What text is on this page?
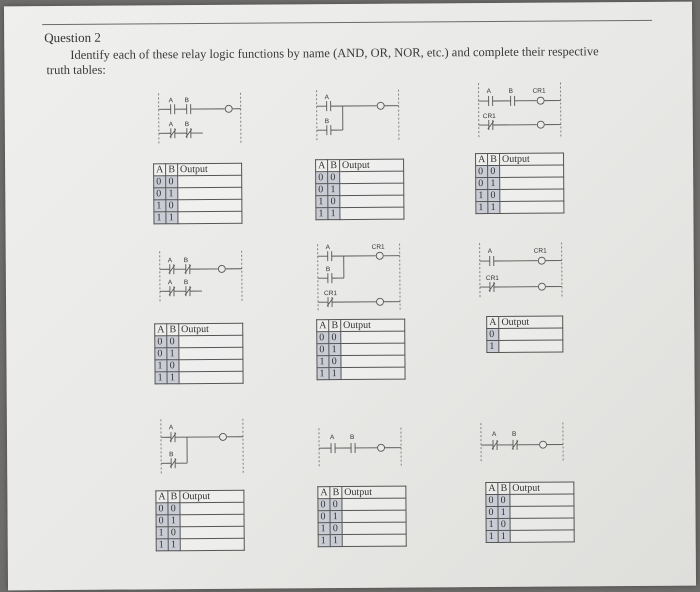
Question 2
Identify each of these relay logic functions by name (AND, OR, NOR, etc.) and complete their respective
truth tables:
A B
A B
A
B
A	B	CR1
CR1
A B
A B
A	CR1
B
CR1
A	CR1
CR1
A
B
A B	A B
A	B	Output
0	0	
0	1	
1	0	
1	1	
A	B	Output
0	0	
0	1	
1	0	
1	1	
A	B	Output
0	0	
0	1	
1	0	
1	1	
A	B	Output
0	0	
0	1	
1	0	
1	1	
A	B	Output
0	0	
0	1	
1	0	
1	1	
A	Output
0	
1	
A	B	Output
0	0	
0	1	
1	0	
1	1	
A	B	Output
0	0	
0	1	
1	0	
1	1	
A	B	Output
0	0	
0	1	
1	0	
1	1	
